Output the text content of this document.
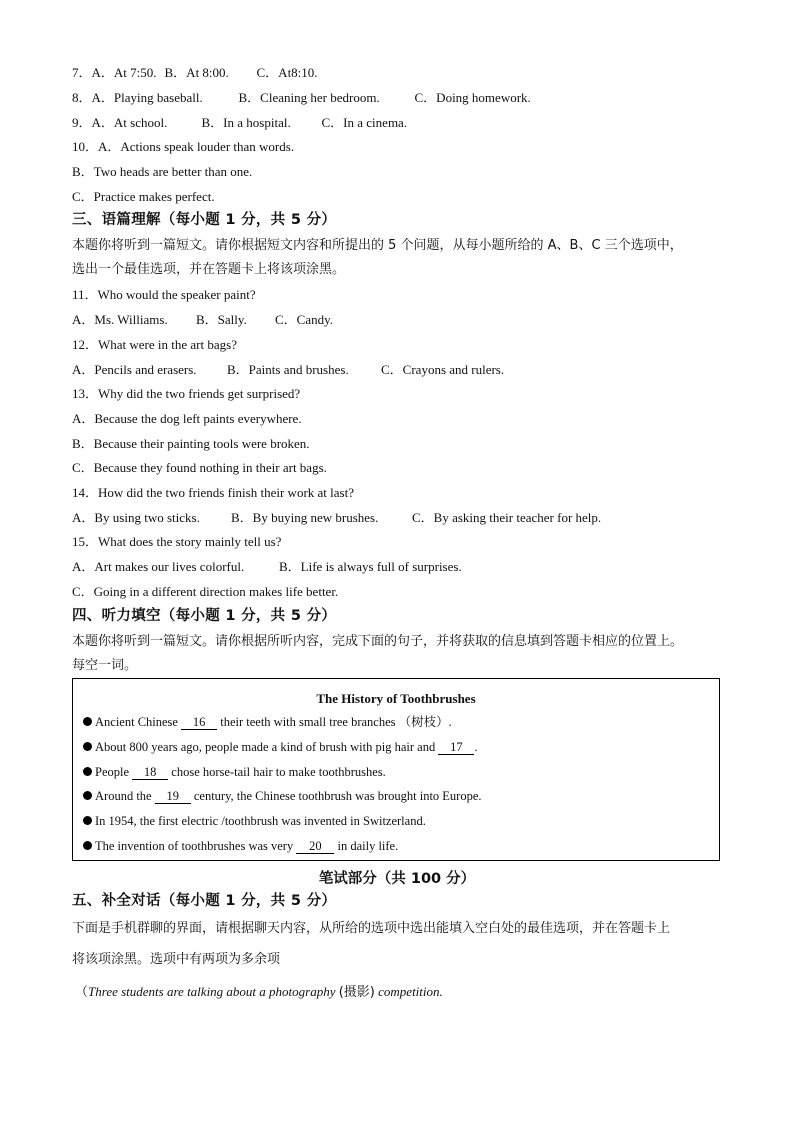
7．A．At 7:50. B．At 8:00. C．At8:10.
8．A．Playing baseball.	B．Cleaning her bedroom.	C．Doing homework.
9．A．At school.	B．In a hospital. C．In a cinema.
10．A．Actions speak louder than words.
B．Two heads are better than one.
C．Practice makes perfect.
三、语篇理解（每小题 1 分，共 5 分）
本题你将听到一篇短文。请你根据短文内容和所提出的 5 个问题，从每小题所给的 A、B、C 三个选项中，
选出一个最佳选项，并在答题卡上将该项涂黑。
11．Who would the speaker paint?
A．Ms. Williams. B．Sally. C．Candy.
12．What were in the art bags?
A．Pencils and erasers. B．Paints and brushes. C．Crayons and rulers.
13．Why did the two friends get surprised?
A．Because the dog left paints everywhere.
B．Because their painting tools were broken.
C．Because they found nothing in their art bags.
14．How did the two friends finish their work at last?
A．By using two sticks. B．By buying new brushes.	C．By asking their teacher for help.
15．What does the story mainly tell us?
A．Art makes our lives colorful.	B．Life is always full of surprises.
C．Going in a different direction makes life better.
四、听力填空（每小题 1 分，共 5 分）
本题你将听到一篇短文。请你根据所听内容，完成下面的句子，并将获取的信息填到答题卡相应的位置上。
每空一词。
The History of Toothbrushes
Ancient Chinese 16 their teeth with small tree branches （树枝）.
About 800 years ago, people made a kind of brush with pig hair and 17 .
People 18 chose horse-tail hair to make toothbrushes.
Around the 19 century, the Chinese toothbrush was brought into Europe.
In 1954, the first electric /toothbrush was invented in Switzerland.
The invention of toothbrushes was very 20 in daily life.
笔试部分（共 100 分）
五、补全对话（每小题 1 分，共 5 分）
下面是手机群聊的界面，请根据聊天内容，从所给的选项中选出能填入空白处的最佳选项，并在答题卡上
将该项涂黑。选项中有两项为多余项
（Three students are talking about a photography (摄影) competition.
